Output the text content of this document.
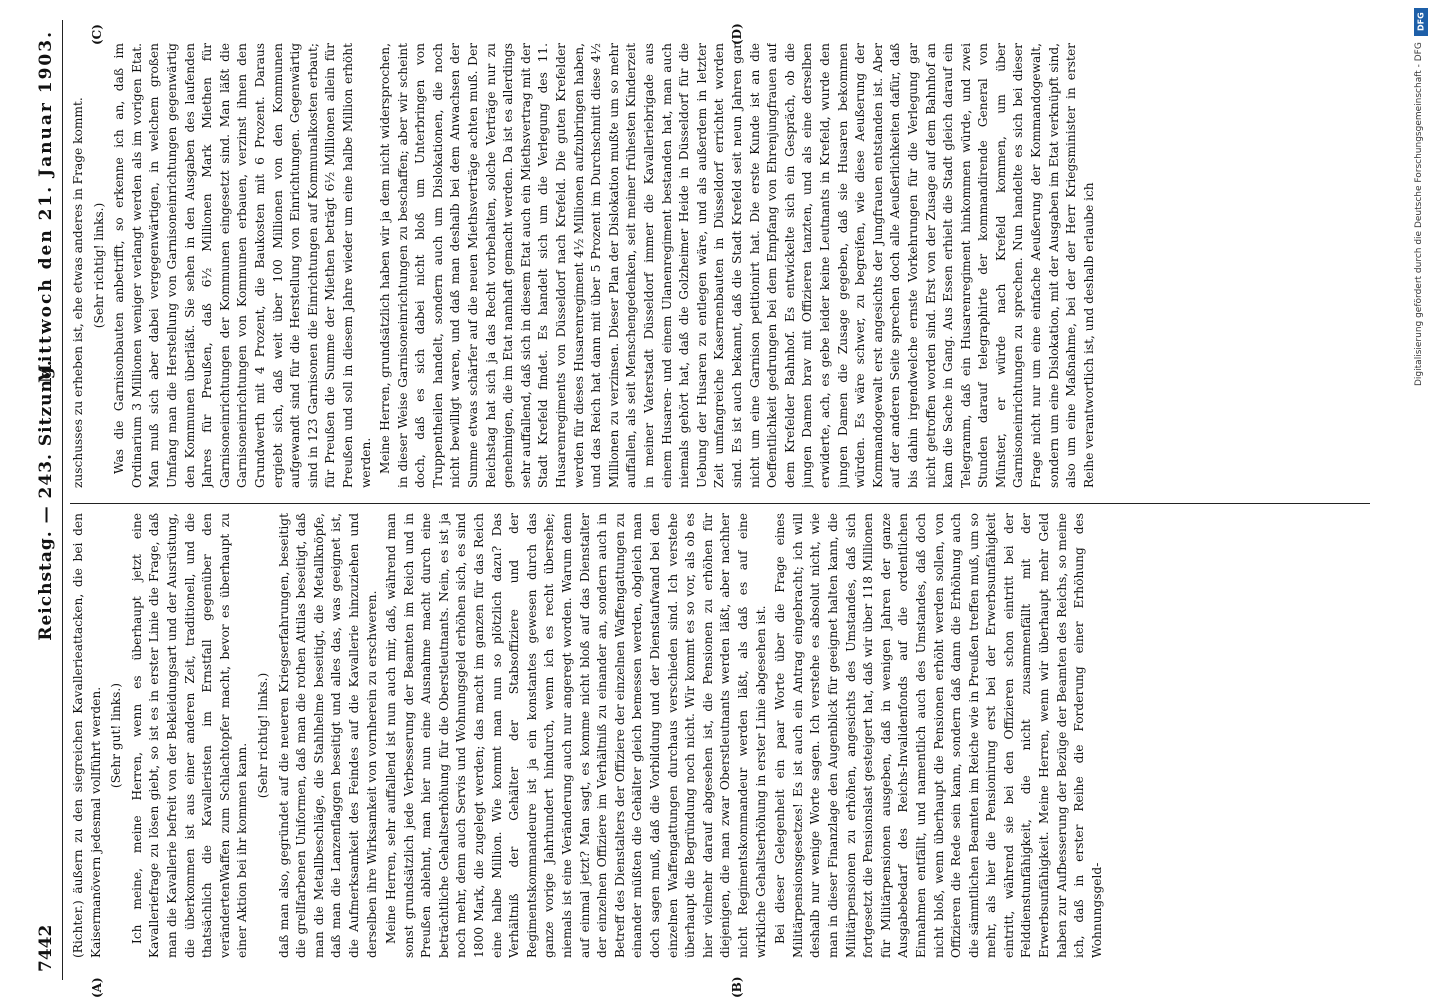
7442
Reichstag. — 243. Sitzung.
Mittwoch den 21. Januar 1903.
(A)	(B)
(C)	(D)

(Richter.) äußern zu den siegreichen Kavallerieattacken, die bei den Kaisermanövern jedesmal vollführt werden. (Sehr gut! links.) Ich meine, meine Herren, wenn es überhaupt jetzt eine Kavalleriefrage zu lösen giebt, so ist es in erster Linie die Frage, daß man die Kavallerie befreit von der Bekleidungsart und der Ausrüstung, die überkommen ist aus einer anderen Zeit, traditionell, und die thatsächlich die Kavalleristen im Ernstfall gegenüber den verändertenWaffen zum Schlachtopfer macht, bevor es überhaupt zu einer Aktion bei ihr kommen kann.

(Sehr richtig! links.) daß man also, gegründet auf die neueren Kriegserfahrungen, beseitigt die grellfarbenen Uniformen, daß man die rothen Attilas beseitigt, daß man die Metallbeschläge, die Stahlhelme beseitigt, die Metallknöpfe, daß man die Lanzenflaggen beseitigt und alles das, was geeignet ist, die Aufmerksamkeit des Feindes auf die Kavallerie hinzuziehen und derselben ihre Wirksamkeit von vornherein zu erschweren. Meine Herren, sehr auffallend ist nun auch mir, daß, während man sonst grundsätzlich jede Verbesserung der Beamten im Reich und in Preußen ablehnt, man hier nun eine Ausnahme macht durch eine beträchtliche Gehaltserhöhung für die Oberstleutnants. Nein, es ist ja noch mehr, denn auch Servis und Wohnungsgeld erhöhen sich, es sind 1800 Mark, die zugelegt werden; das macht im ganzen für das Reich eine halbe Million. Wie kommt man nun so plötzlich dazu? Das Verhältniß der Gehälter der Stabsoffiziere und der Regimentskommandeure ist ja ein konstantes gewesen durch das ganze vorige Jahrhundert hindurch, wenn ich es recht übersehe; niemals ist eine Veränderung auch nur angeregt worden. Warum denn auf einmal jetzt? Man sagt, es komme nicht bloß auf das Dienstalter der einzelnen Offiziere im Verhältniß zu einander an, sondern auch in Betreff des Dienstalters der Offiziere der einzelnen Waffengattungen zu einander müßten die Gehälter gleich bemessen werden, obgleich man doch sagen muß, daß die Vorbildung und der Dienstaufwand bei den einzelnen Waffengattungen durchaus verschieden sind. Ich verstehe überhaupt die Begründung noch nicht. Wir kommt es so vor, als ob es hier vielmehr darauf abgesehen ist, die Pensionen zu erhöhen für diejenigen, die man zwar Oberstleutnants werden läßt, aber nachher nicht Regimentskommandeur werden läßt, als daß es auf eine wirkliche Gehaltserhöhung in erster Linie abgesehen ist. Bei dieser Gelegenheit ein paar Worte über die Frage eines Militärpensionsgesetzes! Es ist auch ein Antrag eingebracht; ich will deshalb nur wenige Worte sagen. Ich verstehe es absolut nicht, wie man in dieser Finanzlage den Augenblick für geeignet halten kann, die Militärpensionen zu erhöhen, angesichts des Umstandes, daß sich fortgesetzt die Pensionslast gesteigert hat, daß wir über 118 Millionen für Militärpensionen ausgeben, daß in wenigen Jahren der ganze Ausgabebedarf des Reichs-Invalidenfonds auf die ordentlichen Einnahmen entfällt, und namentlich auch des Umstandes, daß doch nicht bloß, wenn überhaupt die Pensionen erhöht werden sollen, von Offizieren die Rede sein kann, sondern daß dann die Erhöhung auch die sämmtlichen Beamten im Reiche wie in Preußen treffen muß, um so mehr, als hier die Pensionirung erst bei der Erwerbsunfähigkeit eintritt, während sie bei den Offizieren schon eintritt bei der Felddienstunfähigkeit, die nicht zusammenfällt mit der Erwerbsunfähigkeit. Meine Herren, wenn wir überhaupt mehr Geld haben zur Aufbesserung der Bezüge der Beamten des Reichs, so meine ich, daß in erster Reihe die Forderung einer Erhöhung des Wohnungsgeld-

zuschusses zu erheben ist, ehe etwas anderes in Frage kommt. (Sehr richtig! links.) Was die Garnisonbauten anbetrifft, so erkenne ich an, daß im Ordinarium 3 Millionen weniger verlangt werden als im vorigen Etat. Man muß sich aber dabei vergegenwärtigen, in welchem großen Umfang man die Herstellung von Garnisoneinrichtungen gegenwärtig den Kommunen überläßt. Sie sehen in den Ausgaben des laufenden Jahres für Preußen, daß 6½ Millionen Mark Miethen für Garnisoneinrichtungen der Kommunen eingesetzt sind. Man läßt die Garnisoneinrichtungen von Kommunen erbauen, verzinst ihnen den Grundwerth mit 4 Prozent, die Baukosten mit 6 Prozent. Daraus ergiebt sich, daß weit über 100 Millionen von den Kommunen aufgewandt sind für die Herstellung von Einrichtungen. Gegenwärtig sind in 123 Garnisonen die Einrichtungen auf Kommunalkosten erbaut; für Preußen die Summe der Miethen beträgt 6½ Millionen allein für Preußen und soll in diesem Jahre wieder um eine halbe Million erhöht werden. Meine Herren, grundsätzlich haben wir ja dem nicht widersprochen, in dieser Weise Garnisoneinrichtungen zu beschaffen; aber wir scheint doch, daß es sich dabei nicht bloß um Unterbringen von Truppentheilen handelt, sondern auch um Dislokationen, die noch nicht bewilligt waren, und daß man deshalb bei dem Anwachsen der Summe etwas schärfer auf die neuen Miethsverträge achten muß. Der Reichstag hat sich ja das Recht vorbehalten, solche Verträge nur zu genehmigen, die im Etat namhaft gemacht werden. Da ist es allerdings sehr auffallend, daß sich in diesem Etat auch ein Miethsvertrag mit der Stadt Krefeld findet. Es handelt sich um die Verlegung des 11. Husarenregiments von Düsseldorf nach Krefeld. Die guten Krefelder werden für dieses Husarenregiment 4½ Millionen aufzubringen haben, und das Reich hat dann mit über 5 Prozent im Durchschnitt diese 4½ Millionen zu verzinsen. Dieser Plan der Dislokation mußte um so mehr auffallen, als seit Menschengedenken, seit meiner frühesten Kinderzeit in meiner Vaterstadt Düsseldorf immer die Kavalleriebrigade aus einem Husaren- und einem Ulanenregiment bestanden hat, man auch niemals gehört hat, daß die Golzheimer Heide in Düsseldorf für die Uebung der Husaren zu entlegen wäre, und als außerdem in letzter Zeit umfangreiche Kasernenbauten in Düsseldorf errichtet worden sind. Es ist auch bekannt, daß die Stadt Krefeld seit neun Jahren gar nicht um eine Garnison petitionirt hat. Die erste Kunde ist an die Oeffentlichkeit gedrungen bei dem Empfang von Ehrenjungfrauen auf dem Krefelder Bahnhof. Es entwickelte sich ein Gespräch, ob die jungen Damen brav mit Offizieren tanzten, und als eine derselben erwiderte, ach, es gebe leider keine Leutnants in Krefeld, wurde den jungen Damen die Zusage gegeben, daß sie Husaren bekommen würden. Es wäre schwer, zu begreifen, wie diese Aeußerung der Kommandogewalt erst angesichts der Jungfrauen entstanden ist. Aber auf der anderen Seite sprechen doch alle Aeußerlichkeiten dafür, daß bis dahin irgendwelche ernste Vorkehrungen für die Verlegung gar nicht getroffen worden sind. Erst von der Zusage auf dem Bahnhof an kam die Sache in Gang. Aus Essen erhielt die Stadt gleich darauf ein Telegramm, daß ein Husarenregiment hinkommen würde, und zwei Stunden darauf telegraphirte der kommandirende General von Münster, er würde nach Krefeld kommen, um über Garnisoneinrichtungen zu sprechen. Nun handelte es sich bei dieser Frage nicht nur um eine einfache Aeußerung der Kommandogewalt, sondern um eine Dislokation, mit der Ausgaben im Etat verknüpft sind, also um eine Maßnahme, bei der der Herr Kriegsminister in erster Reihe verantwortlich ist, und deshalb erlaube ich

DFG
Digitalisierung gefördert durch die Deutsche Forschungsgemeinschaft - DFG
